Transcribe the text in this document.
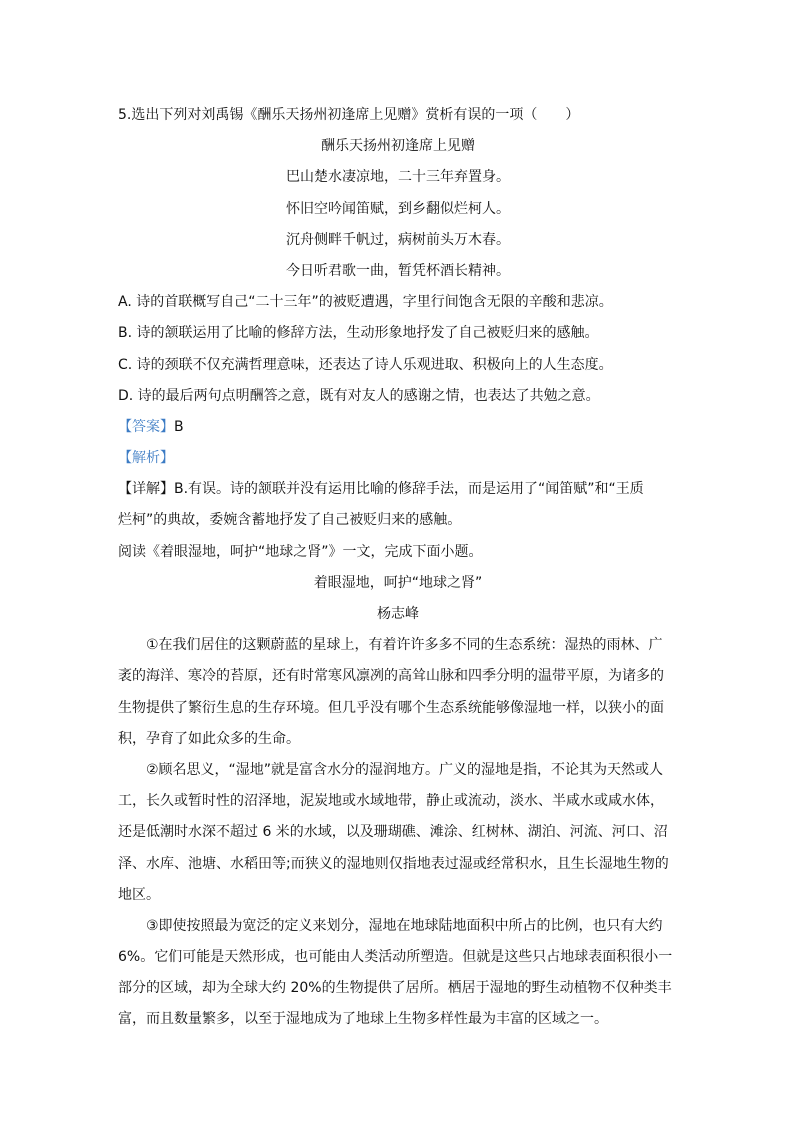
5.选出下列对刘禹锡《酬乐天扬州初逢席上见赠》赏析有误的一项（　　）
酬乐天扬州初逢席上见赠
巴山楚水凄凉地，二十三年弃置身。
怀旧空吟闻笛赋，到乡翻似烂柯人。
沉舟侧畔千帆过，病树前头万木春。
今日听君歌一曲，暂凭杯酒长精神。
A. 诗的首联概写自己“二十三年”的被贬遭遇，字里行间饱含无限的辛酸和悲凉。
B. 诗的颔联运用了比喻的修辞方法，生动形象地抒发了自己被贬归来的感触。
C. 诗的颈联不仅充满哲理意味，还表达了诗人乐观进取、积极向上的人生态度。
D. 诗的最后两句点明酬答之意，既有对友人的感谢之情，也表达了共勉之意。
【答案】B
【解析】
【详解】B.有误。诗的颔联并没有运用比喻的修辞手法，而是运用了“闻笛赋”和“王质
烂柯”的典故，委婉含蓄地抒发了自己被贬归来的感触。
阅读《着眼湿地，呵护“地球之肾”》一文，完成下面小题。
着眼湿地，呵护“地球之肾”
杨志峰
①在我们居住的这颗蔚蓝的星球上，有着许许多多不同的生态系统：湿热的雨林、广
袤的海洋、寒冷的苔原，还有时常寒风凛冽的高耸山脉和四季分明的温带平原，为诸多的
生物提供了繁衍生息的生存环境。但几乎没有哪个生态系统能够像湿地一样，以狭小的面
积，孕育了如此众多的生命。
②顾名思义，“湿地”就是富含水分的湿润地方。广义的湿地是指，不论其为天然或人
工，长久或暂时性的沼泽地，泥炭地或水域地带，静止或流动，淡水、半咸水或咸水体，
还是低潮时水深不超过 6 米的水域，以及珊瑚礁、滩涂、红树林、湖泊、河流、河口、沼
泽、水库、池塘、水稻田等;而狭义的湿地则仅指地表过湿或经常积水，且生长湿地生物的
地区。
③即使按照最为宽泛的定义来划分，湿地在地球陆地面积中所占的比例，也只有大约
6%。它们可能是天然形成，也可能由人类活动所塑造。但就是这些只占地球表面积很小一
部分的区域，却为全球大约 20%的生物提供了居所。栖居于湿地的野生动植物不仅种类丰
富，而且数量繁多，以至于湿地成为了地球上生物多样性最为丰富的区域之一。
